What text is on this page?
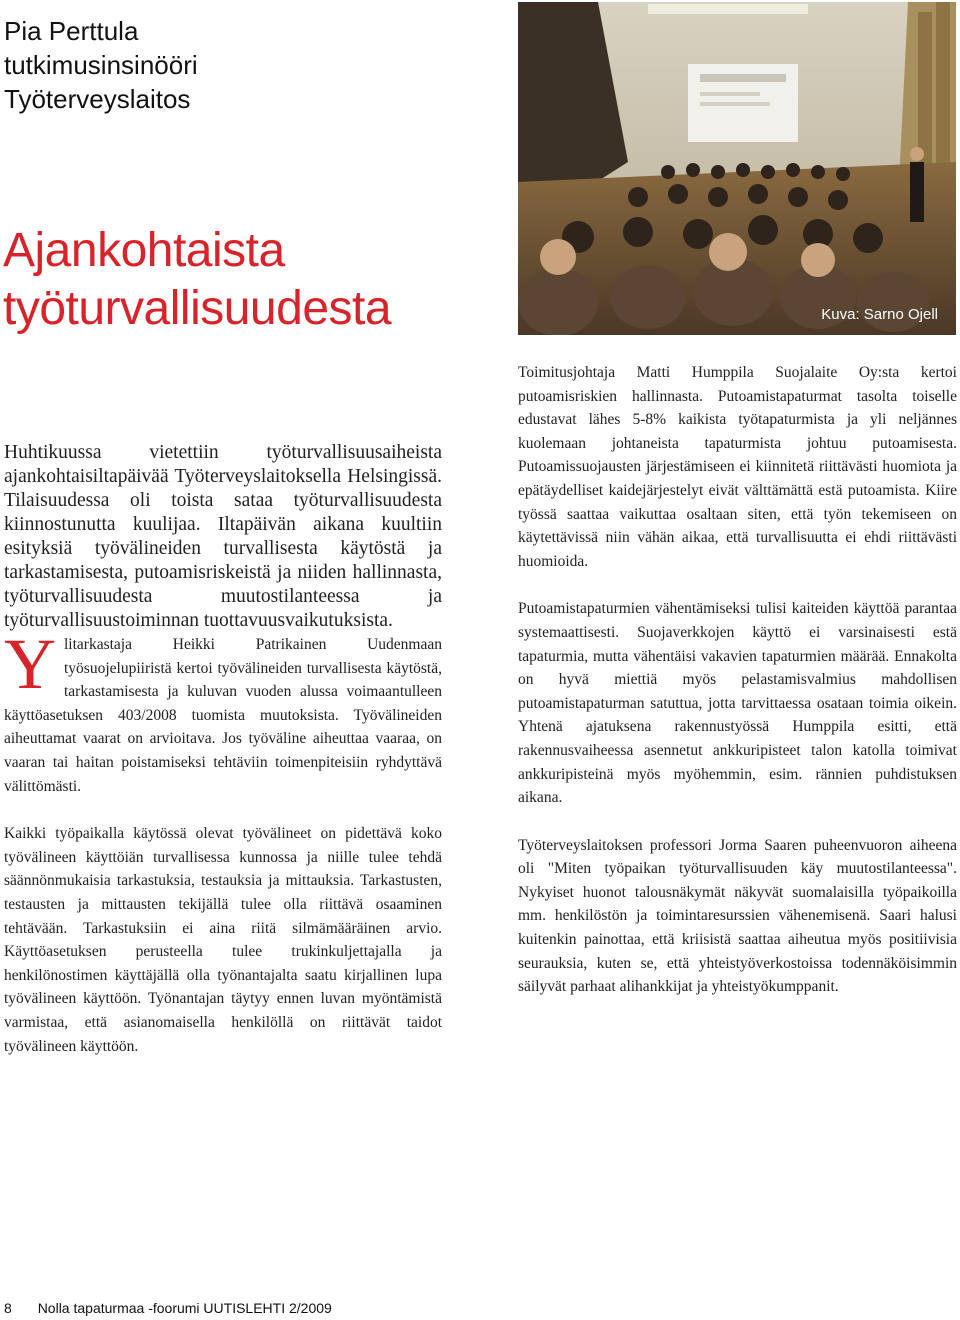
Pia Perttula
tutkimusinsinööri
Työterveyslaitos
Ajankohtaista
työturvallisuudesta	Kuva: Sarno Ojell

Huhtikuussa vietettiin työturvallisuusaiheista ajankohtaisiltapäivää Työterveyslaitoksella Helsingissä. Tilaisuudessa oli toista sataa työturvallisuudesta kiinnostunutta kuulijaa. Iltapäivän aikana kuultiin esityksiä työvälineiden turvallisesta käytöstä ja tarkastamisesta, putoamisriskeistä ja niiden hallinnasta, työturvallisuudesta muutostilanteessa ja työturvallisuustoiminnan tuottavuusvaikutuksista.

Ylitarkastaja Heikki Patrikainen Uudenmaan työsuojelupiiristä kertoi työvälineiden turvallisesta käytöstä, tarkastamisesta ja kuluvan vuoden alussa voimaantulleen käyttöasetuksen 403/2008 tuomista muutoksista. Työvälineiden aiheuttamat vaarat on arvioitava. Jos työväline aiheuttaa vaaraa, on vaaran tai haitan poistamiseksi tehtäviin toimenpiteisiin ryhdyttävä välittömästi.

Kaikki työpaikalla käytössä olevat työvälineet on pidettävä koko työvälineen käyttöiän turvallisessa kunnossa ja niille tulee tehdä säännönmukaisia tarkastuksia, testauksia ja mittauksia. Tarkastusten, testausten ja mittausten tekijällä tulee olla riittävä osaaminen tehtävään. Tarkastuksiin ei aina riitä silmämääräinen arvio. Käyttöasetuksen perusteella tulee trukinkuljettajalla ja henkilönostimen käyttäjällä olla työnantajalta saatu kirjallinen lupa työvälineen käyttöön. Työnantajan täytyy ennen luvan myöntämistä varmistaa, että asianomaisella henkilöllä on riittävät taidot työvälineen käyttöön.

Toimitusjohtaja Matti Humppila Suojalaite Oy:sta kertoi putoamisriskien hallinnasta. Putoamistapaturmat tasolta toiselle edustavat lähes 5-8% kaikista työtapaturmista ja yli neljännes kuolemaan johtaneista tapaturmista johtuu putoamisesta. Putoamissuojausten järjestämiseen ei kiinnitetä riittävästi huomiota ja epätäydelliset kaidejärjestelyt eivät välttämättä estä putoamista. Kiire työssä saattaa vaikuttaa osaltaan siten, että työn tekemiseen on käytettävissä niin vähän aikaa, että turvallisuutta ei ehdi riittävästi huomioida.

Putoamistapaturmien vähentämiseksi tulisi kaiteiden käyttöä parantaa systemaattisesti. Suojaverkkojen käyttö ei varsinaisesti estä tapaturmia, mutta vähentäisi vakavien tapaturmien määrää. Ennakolta on hyvä miettiä myös pelastamisvalmius mahdollisen putoamistapaturman satuttua, jotta tarvittaessa osataan toimia oikein. Yhtenä ajatuksena rakennustyössä Humppila esitti, että rakennusvaiheessa asennetut ankkuripisteet talon katolla toimivat ankkuripisteinä myös myöhemmin, esim. rännien puhdistuksen aikana.

Työterveyslaitoksen professori Jorma Saaren puheenvuoron aiheena oli "Miten työpaikan työturvallisuuden käy muutostilanteessa". Nykyiset huonot talousnäkymät näkyvät suomalaisilla työpaikoilla mm. henkilöstön ja toimintaresurssien vähenemisenä. Saari halusi kuitenkin painottaa, että kriisistä saattaa aiheutua myös positiivisia seurauksia, kuten se, että yhteistyöverkostoissa todennäköisimmin säilyvät parhaat alihankkijat ja yhteistyökumppanit.

8 Nolla tapaturmaa -foorumi UUTISLEHTI 2/2009
